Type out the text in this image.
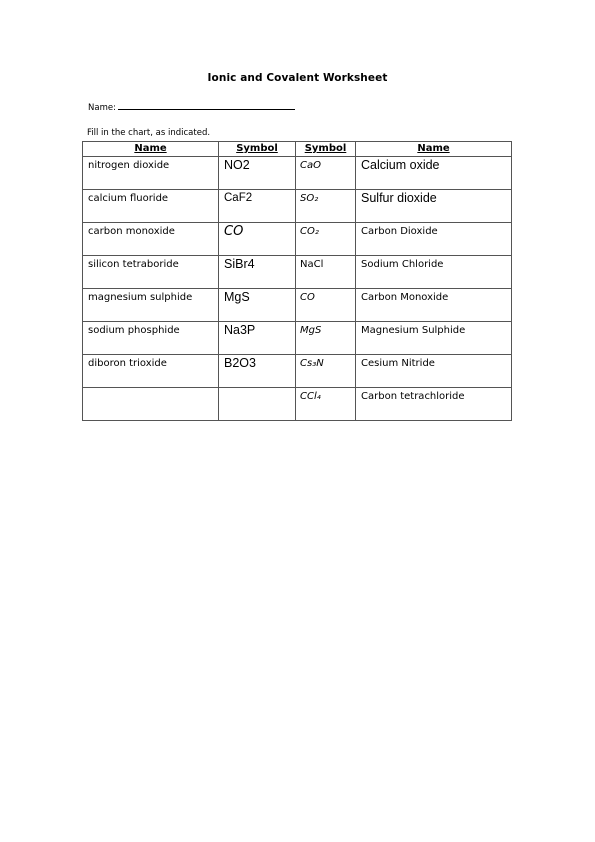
Ionic and Covalent Worksheet
Name:
Fill in the chart, as indicated.
Name	Symbol	Symbol	Name

nitrogen dioxide	NO2	CaO	Calcium oxide

calcium fluoride	CaF2	SO₂	Sulfur dioxide

carbon monoxide	CO	CO₂	Carbon Dioxide

silicon tetraboride	SiBr4	NaCl	Sodium Chloride

magnesium sulphide	MgS	CO	Carbon Monoxide

sodium phosphide	Na3P	MgS	Magnesium Sulphide

diboron trioxide	B2O3	Cs₃N	Cesium Nitride

		CCl₄	Carbon tetrachloride
